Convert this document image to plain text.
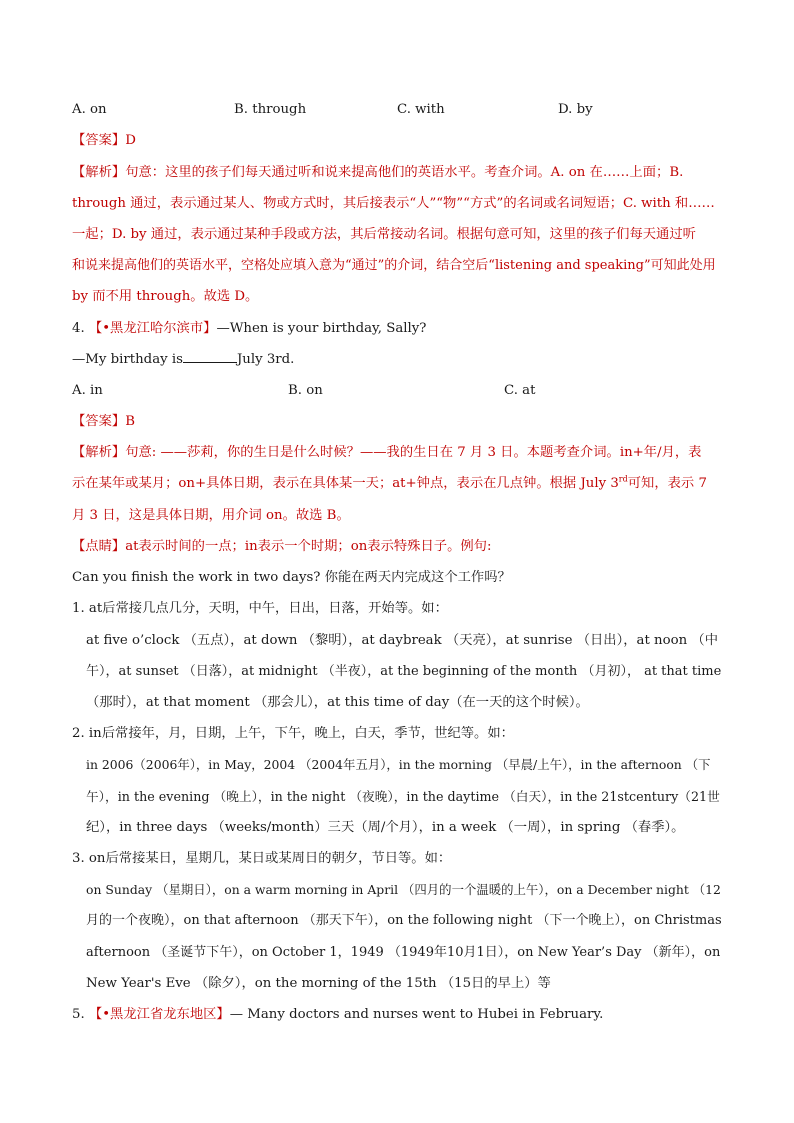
A. on	B. through	C. with	D. by
【答案】D
【解析】句意：这里的孩子们每天通过听和说来提高他们的英语水平。考查介词。A. on 在……上面；B.
through 通过，表示通过某人、物或方式时，其后接表示“人”“物”“方式”的名词或名词短语；C. with 和……
一起；D. by 通过，表示通过某种手段或方法，其后常接动名词。根据句意可知，这里的孩子们每天通过听
和说来提高他们的英语水平，空格处应填入意为“通过”的介词，结合空后“listening and speaking”可知此处用
by 而不用 through。故选 D。
4. 【•黑龙江哈尔滨市】—When is your birthday, Sally?
—My birthday is	July 3rd.
A. in	B. on	C. at
【答案】B
【解析】句意: ——莎莉，你的生日是什么时候？——我的生日在 7 月 3 日。本题考查介词。in+年/月，表
示在某年或某月；on+具体日期，表示在具体某一天；at+钟点，表示在几点钟。根据 July 3rd可知，表示 7
月 3 日，这是具体日期，用介词 on。故选 B。
【点睛】at表示时间的一点；in表示一个时期；on表示特殊日子。例句:
Can you finish the work in two days? 你能在两天内完成这个工作吗？
1. at后常接几点几分，天明，中午，日出，日落，开始等。如：
at five o’clock （五点），at down （黎明），at daybreak （天亮），at sunrise （日出），at noon （中
午），at sunset （日落），at midnight （半夜），at the beginning of the month （月初）， at that time
（那时），at that moment （那会儿），at this time of day（在一天的这个时候）。
2. in后常接年，月，日期，上午，下午，晚上，白天，季节，世纪等。如：
in 2006（2006年），in May，2004 （2004年五月），in the morning （早晨/上午），in the afternoon （下
午），in the evening （晚上），in the night （夜晚），in the daytime （白天），in the 21stcentury（21世
纪），in three days （weeks/month）三天（周/个月），in a week （一周），in spring （春季）。
3. on后常接某日，星期几，某日或某周日的朝夕，节日等。如：
on Sunday （星期日），on a warm morning in April （四月的一个温暖的上午），on a December night （12
月的一个夜晚），on that afternoon （那天下午），on the following night （下一个晚上），on Christmas
afternoon （圣诞节下午），on October 1，1949 （1949年10月1日），on New Year’s Day （新年），on
New Year's Eve （除夕），on the morning of the 15th （15日的早上）等
5. 【•黑龙江省龙东地区】— Many doctors and nurses went to Hubei in February.
